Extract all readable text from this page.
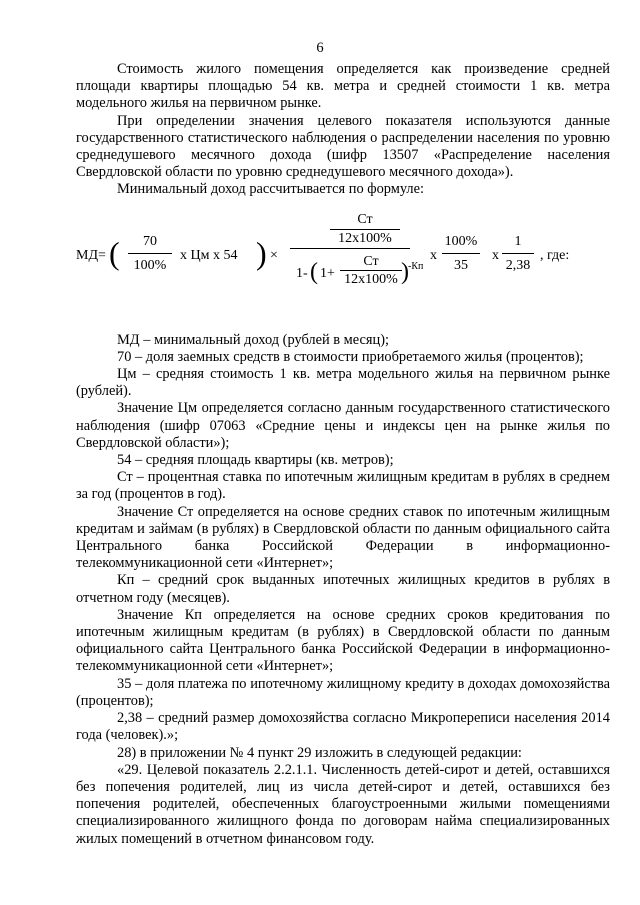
6

Стоимость жилого помещения определяется как произведение средней площади квартиры площадью 54 кв. метра и средней стоимости 1 кв. метра модельного жилья на первичном рынке.

При определении значения целевого показателя используются данные государственного статистического наблюдения о распределении населения по уровню среднедушевого месячного дохода (шифр 13507 «Распределение населения Свердловской области по уровню среднедушевого месячного дохода»).

Минимальный доход рассчитывается по формуле:

МД= (	70
100%
х Цм х 54 ) ×
Ст
12х100%
1- ( 1+
Ст
12х100% ) -Кп
х
100%
35
х
1
2,38
, где:

МД – минимальный доход (рублей в месяц);

70 – доля заемных средств в стоимости приобретаемого жилья (процентов);

Цм – средняя стоимость 1 кв. метра модельного жилья на первичном рынке (рублей).

Значение Цм определяется согласно данным государственного статистического наблюдения (шифр 07063 «Средние цены и индексы цен на рынке жилья по Свердловской области»);

54 – средняя площадь квартиры (кв. метров);

Ст – процентная ставка по ипотечным жилищным кредитам в рублях в среднем за год (процентов в год).

Значение Ст определяется на основе средних ставок по ипотечным жилищным кредитам и займам (в рублях) в Свердловской области по данным официального сайта Центрального банка Российской Федерации в информационно-телекоммуникационной сети «Интернет»;

Кп – средний срок выданных ипотечных жилищных кредитов в рублях в отчетном году (месяцев).

Значение Кп определяется на основе средних сроков кредитования по ипотечным жилищным кредитам (в рублях) в Свердловской области по данным официального сайта Центрального банка Российской Федерации в информационно-телекоммуникационной сети «Интернет»;

35 – доля платежа по ипотечному жилищному кредиту в доходах домохозяйства (процентов);

2,38 – средний размер домохозяйства согласно Микропереписи населения 2014 года (человек).»;

28) в приложении № 4 пункт 29 изложить в следующей редакции:

«29. Целевой показатель 2.2.1.1. Численность детей-сирот и детей, оставшихся без попечения родителей, лиц из числа детей-сирот и детей, оставшихся без попечения родителей, обеспеченных благоустроенными жилыми помещениями специализированного жилищного фонда по договорам найма специализированных жилых помещений в отчетном финансовом году.
